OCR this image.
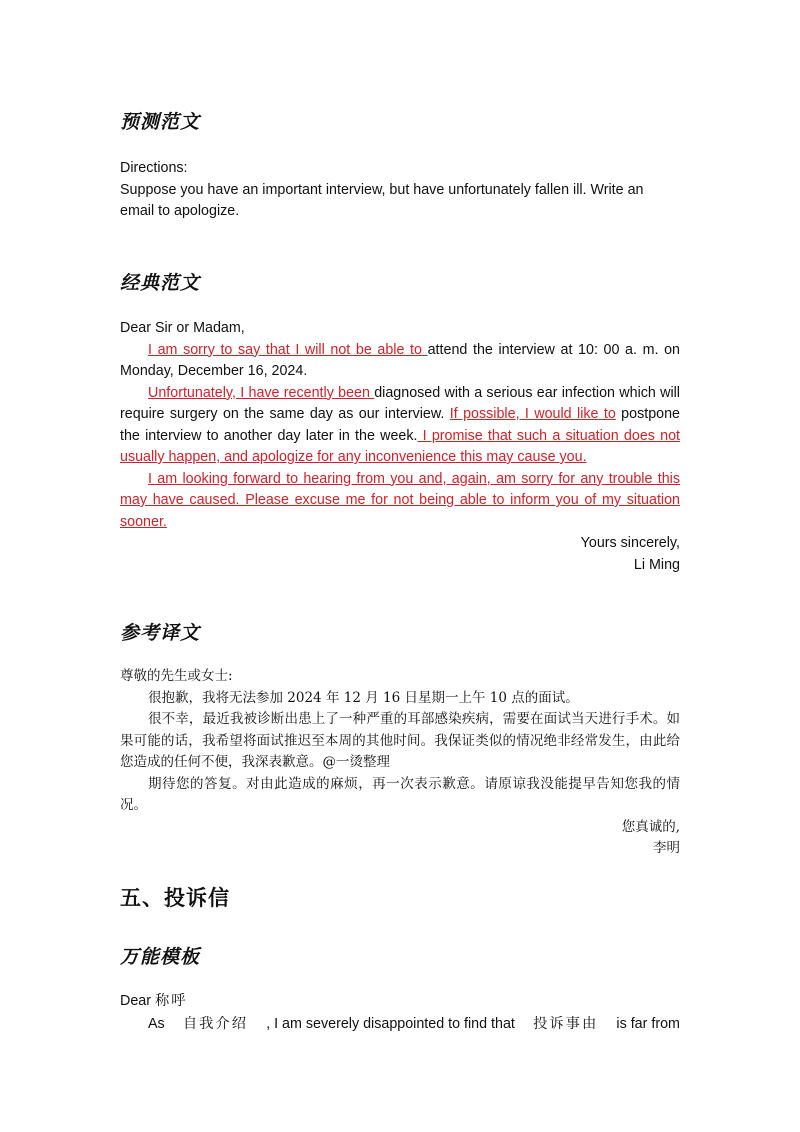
预测范文

Directions:

Suppose you have an important interview, but have unfortunately fallen ill. Write an email to apologize.

经典范文

Dear Sir or Madam,

I am sorry to say that I will not be able to attend the interview at 10: 00 a. m. on Monday, December 16, 2024.

Unfortunately, I have recently been diagnosed with a serious ear infection which will require surgery on the same day as our interview. If possible, I would like to postpone the interview to another day later in the week. I promise that such a situation does not usually happen, and apologize for any inconvenience this may cause you.

I am looking forward to hearing from you and, again, am sorry for any trouble this may have caused. Please excuse me for not being able to inform you of my situation sooner.

Yours sincerely,

Li Ming

参考译文

尊敬的先生或女士:

很抱歉，我将无法参加 2024 年 12 月 16 日星期一上午 10 点的面试。

很不幸，最近我被诊断出患上了一种严重的耳部感染疾病，需要在面试当天进行手术。如果可能的话，我希望将面试推迟至本周的其他时间。我保证类似的情况绝非经常发生，由此给您造成的任何不便，我深表歉意。@一烫整理

期待您的答复。对由此造成的麻烦，再一次表示歉意。请原谅我没能提早告知您我的情况。

您真诚的,

李明

五、投诉信
万能模板

Dear 称呼

As 自我介绍 , I am severely disappointed to find that 投诉事由 is far from
